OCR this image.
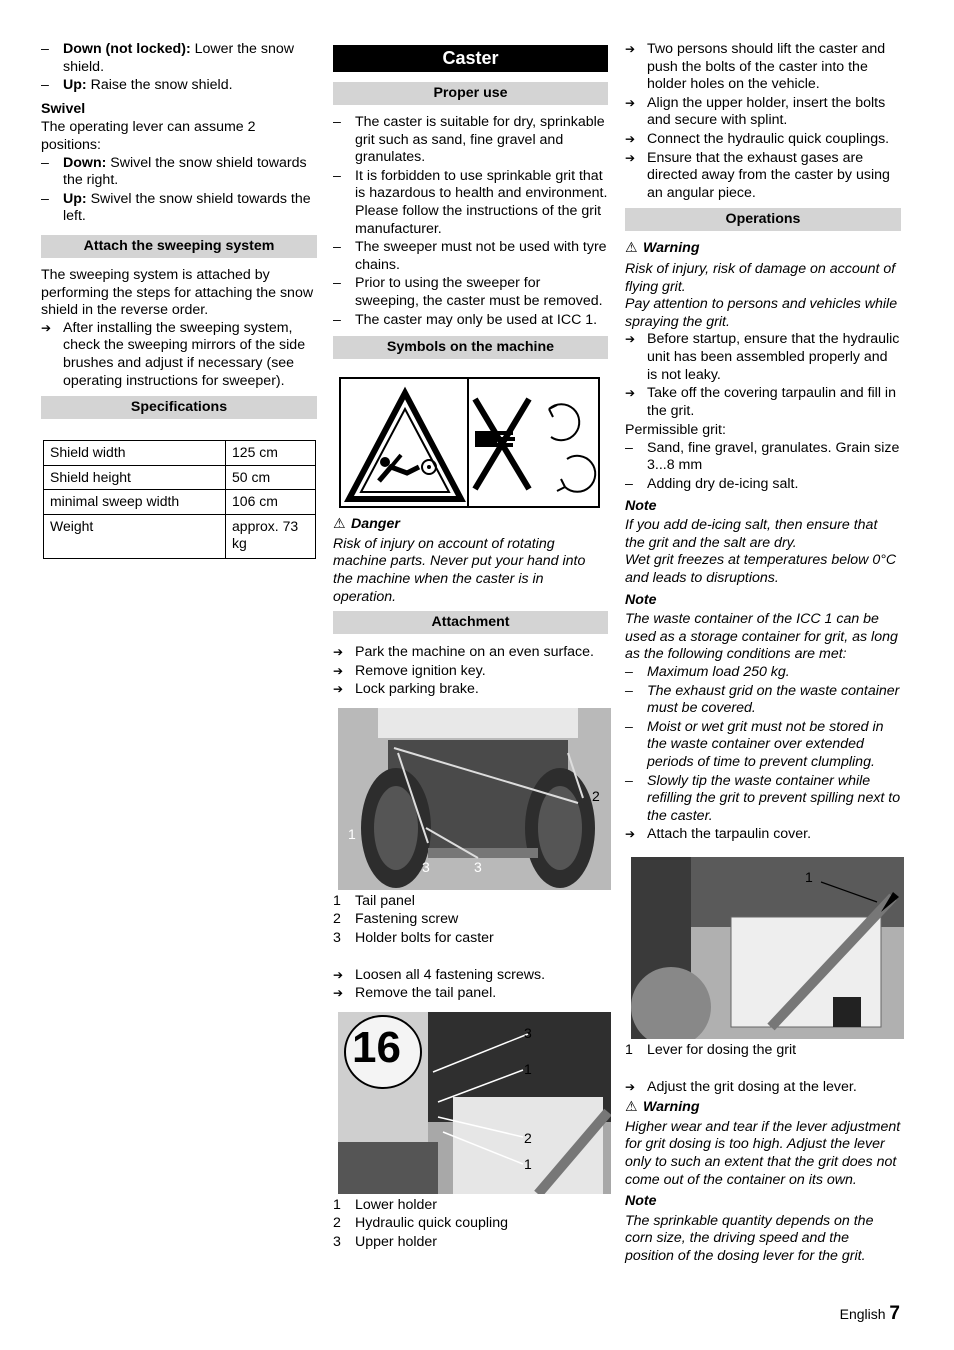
– Down (not locked): Lower the snow shield.
– Up: Raise the snow shield.
Swivel
The operating lever can assume 2 positions:
– Down: Swivel the snow shield towards the right.
– Up: Swivel the snow shield towards the left.
Attach the sweeping system
The sweeping system is attached by performing the steps for attaching the snow shield in the reverse order.
➔ After installing the sweeping system, check the sweeping mirrors of the side brushes and adjust if necessary (see operating instructions for sweeper).
Specifications
Shield width	125 cm
Shield height	50 cm
minimal sweep width	106 cm
Weight	approx. 73 kg
Caster
Proper use
– The caster is suitable for dry, sprinkable grit such as sand, fine gravel and granulates.
– It is forbidden to use sprinkable grit that is hazardous to health and environment. Please follow the instructions of the grit manufacturer.
– The sweeper must not be used with tyre chains.
– Prior to using the sweeper for sweeping, the caster must be removed.
– The caster may only be used at ICC 1.
Symbols on the machine
⚠ Danger
Risk of injury on account of rotating machine parts. Never put your hand into the machine when the caster is in operation.
Attachment
➔ Park the machine on an even surface.
➔ Remove ignition key.
➔ Lock parking brake.
1
2
3	3
1 Tail panel
2 Fastening screw
3 Holder bolts for caster
➔ Loosen all 4 fastening screws.
➔ Remove the tail panel.
16	3
1
2
1
1 Lower holder
2 Hydraulic quick coupling
3 Upper holder
➔ Two persons should lift the caster and push the bolts of the caster into the holder holes on the vehicle.
➔ Align the upper holder, insert the bolts and secure with splint.
➔ Connect the hydraulic quick couplings.
➔ Ensure that the exhaust gases are directed away from the caster by using an angular piece.
Operations
⚠ Warning
Risk of injury, risk of damage on account of flying grit.
Pay attention to persons and vehicles while spraying the grit.
➔ Before startup, ensure that the hydraulic unit has been assembled properly and is not leaky.
➔ Take off the covering tarpaulin and fill in the grit.
Permissible grit:
– Sand, fine gravel, granulates. Grain size 3...8 mm
– Adding dry de-icing salt.
Note
If you add de-icing salt, then ensure that the grit and the salt are dry.
Wet grit freezes at temperatures below 0°C and leads to disruptions.
Note
The waste container of the ICC 1 can be used as a storage container for grit, as long as the following conditions are met:
– Maximum load 250 kg.
– The exhaust grid on the waste container must be covered.
– Moist or wet grit must not be stored in the waste container over extended periods of time to prevent clumpling.
– Slowly tip the waste container while refilling the grit to prevent spilling next to the caster.
➔ Attach the tarpaulin cover.
1
1 Lever for dosing the grit
➔ Adjust the grit dosing at the lever.
⚠ Warning
Higher wear and tear if the lever adjustment for grit dosing is too high. Adjust the lever only to such an extent that the grit does not come out of the container on its own.
Note
The sprinkable quantity depends on the corn size, the driving speed and the position of the dosing lever for the grit.
English 7
